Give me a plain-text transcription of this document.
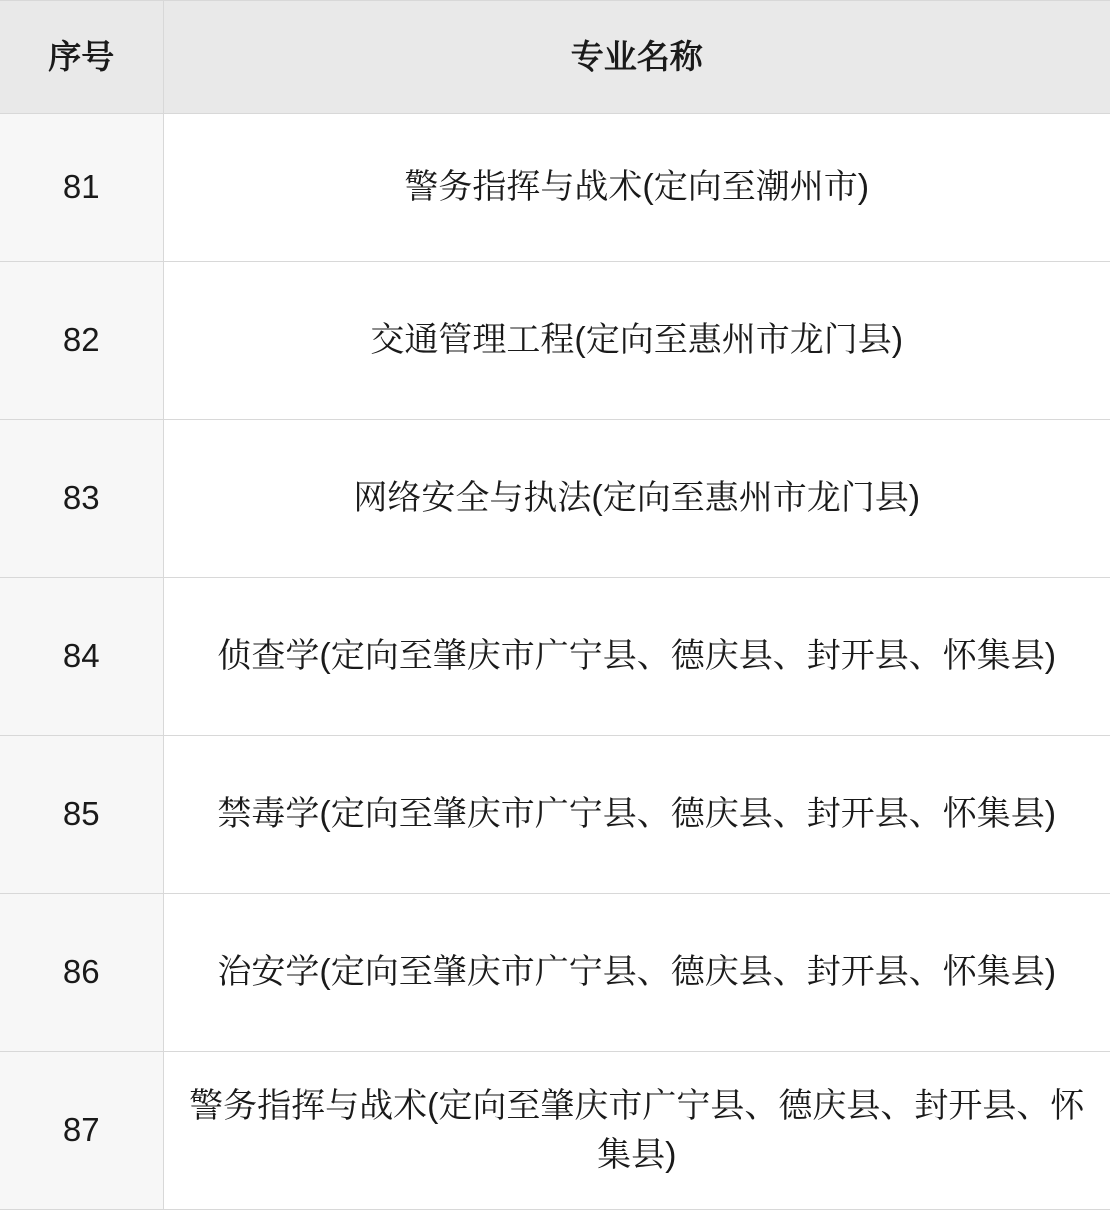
序号	专业名称
81	警务指挥与战术(定向至潮州市)
82	交通管理工程(定向至惠州市龙门县)
83	网络安全与执法(定向至惠州市龙门县)
84	侦查学(定向至肇庆市广宁县、德庆县、封开县、怀集县)
85	禁毒学(定向至肇庆市广宁县、德庆县、封开县、怀集县)
86	治安学(定向至肇庆市广宁县、德庆县、封开县、怀集县)
87	警务指挥与战术(定向至肇庆市广宁县、德庆县、封开县、怀集县)
